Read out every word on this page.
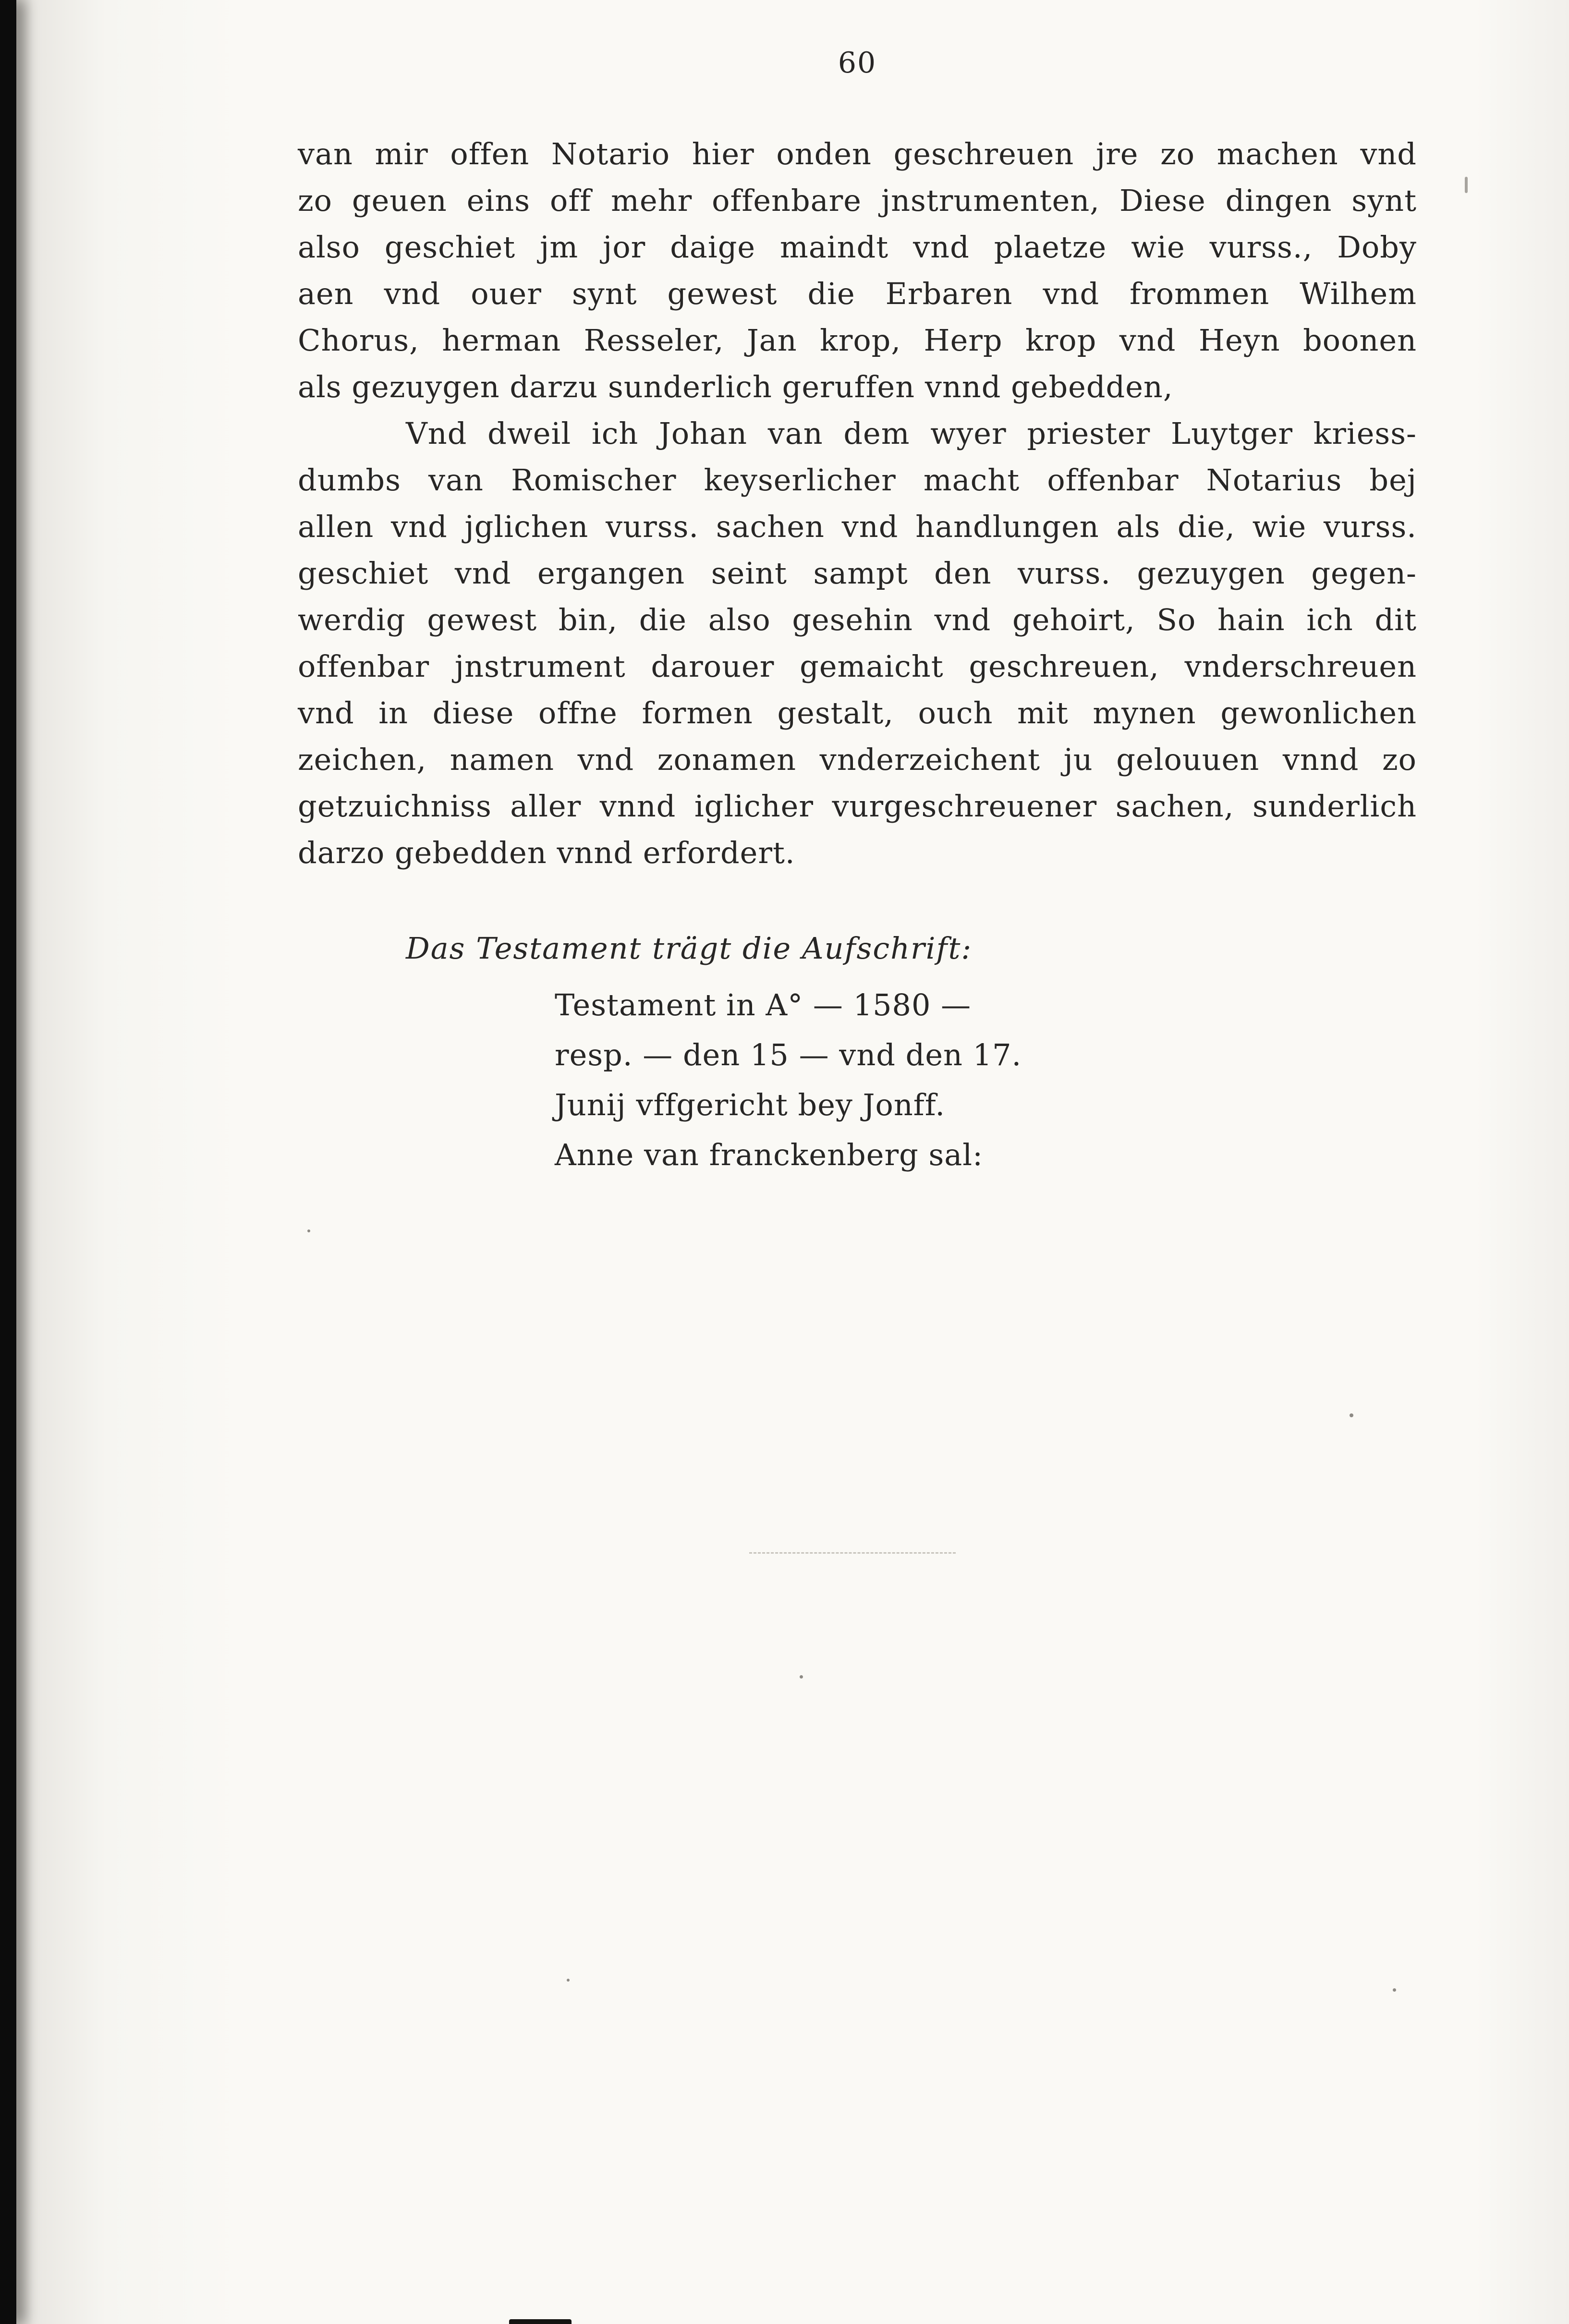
60
van mir offen Notario hier onden geschreuen jre zo machen vnd
zo geuen eins off mehr offenbare jnstrumenten, Diese dingen synt
also geschiet jm jor daige maindt vnd plaetze wie vurss., Doby
aen vnd ouer synt gewest die Erbaren vnd frommen Wilhem
Chorus, herman Resseler, Jan krop, Herp krop vnd Heyn boonen
als gezuygen darzu sunderlich geruffen vnnd gebedden,
Vnd dweil ich Johan van dem wyer priester Luytger kriess-
dumbs van Romischer keyserlicher macht offenbar Notarius bej
allen vnd jglichen vurss. sachen vnd handlungen als die, wie vurss.
geschiet vnd ergangen seint sampt den vurss. gezuygen gegen-
werdig gewest bin, die also gesehin vnd gehoirt, So hain ich dit
offenbar jnstrument darouer gemaicht geschreuen, vnderschreuen
vnd in diese offne formen gestalt, ouch mit mynen gewonlichen
zeichen, namen vnd zonamen vnderzeichent ju gelouuen vnnd zo
getzuichniss aller vnnd iglicher vurgeschreuener sachen, sunderlich
darzo gebedden vnnd erfordert.
Das Testament trägt die Aufschrift:
Testament in A° — 1580 —
resp. — den 15 — vnd den 17.
Junij vffgericht bey Jonff.
Anne van franckenberg sal:
